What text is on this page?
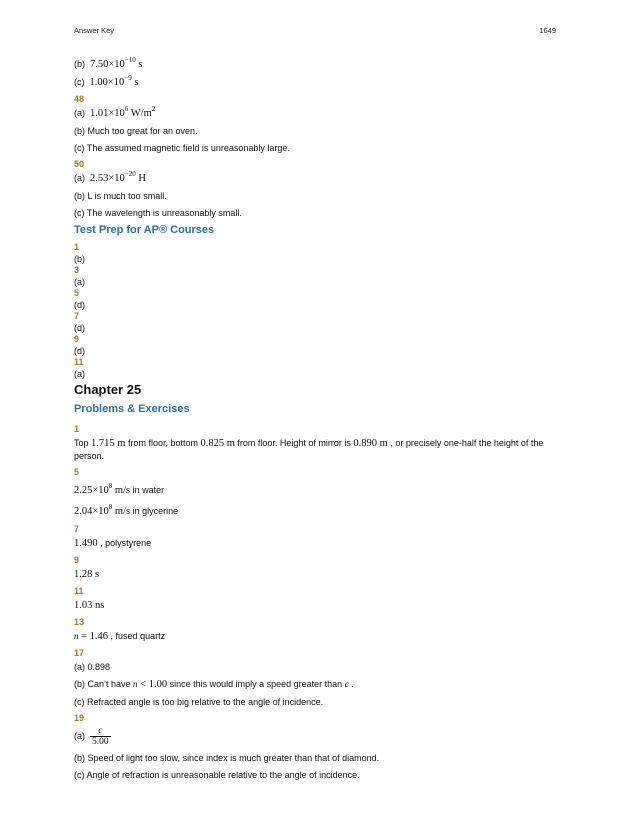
Answer Key	1649

(b) $7.50\times 10^{-10}$ s

(c) $1.00\times 10^{-9}$ s

48

(a) $1.01\times 10^6$ $W/m^2$

(b) Much too great for an oven.

(c) The assumed magnetic field is unreasonably large.

50

(a) $2.53\times 10^{-20}$ H

(b) L is much too small.

(c) The wavelength is unreasonably small.

Test Prep for AP® Courses
1
(b)
3
(a)
5
(d)
7
(d)
9
(d)
11
(a)
Chapter 25
Problems & Exercises
1

Top 1.715 m from floor, bottom 0.825 m from floor. Height of mirror is 0.890 m , or precisely one-half the height of the person.

5

$2.25\times 10^8$ m/s in water

$2.04\times 10^8$ m/s in glycerine

7

1.490 , polystyrene

9

1.28 s

11

1.03 ns

13

n = 1.46 , fused quartz

17

(a) 0.898

(b) Can’t have n < 1.00 since this would imply a speed greater than c .

(c) Refracted angle is too big relative to the angle of incidence.

19

$(a) \frac{c}{5.00}$

(b) Speed of light too slow, since index is much greater than that of diamond.

(c) Angle of refraction is unreasonable relative to the angle of incidence.
